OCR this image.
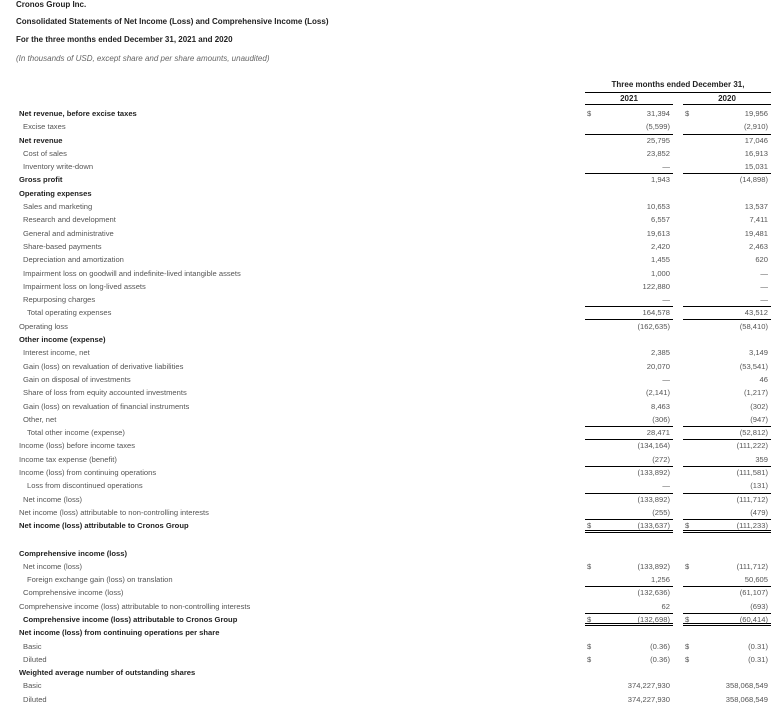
Cronos Group Inc.
Consolidated Statements of Net Income (Loss) and Comprehensive Income (Loss)
For the three months ended December 31, 2021 and 2020
(In thousands of USD, except share and per share amounts, unaudited)
Three months ended December 31,
2021	2020
Net revenue, before excise taxes	$	31,394 $	19,956
Excise taxes	(5,599)	(2,910)
Net revenue	25,795	17,046
Cost of sales	23,852	16,913
Inventory write-down	—	15,031
Gross profit	1,943	(14,898)
Operating expenses
Sales and marketing	10,653	13,537
Research and development	6,557	7,411
General and administrative	19,613	19,481
Share-based payments	2,420	2,463
Depreciation and amortization	1,455	620
Impairment loss on goodwill and indefinite-lived intangible assets	1,000	—
Impairment loss on long-lived assets	122,880	—
Repurposing charges	—	—
Total operating expenses	164,578	43,512
Operating loss	(162,635)	(58,410)
Other income (expense)
Interest income, net	2,385	3,149
Gain (loss) on revaluation of derivative liabilities	20,070	(53,541)
Gain on disposal of investments	—	46
Share of loss from equity accounted investments	(2,141)	(1,217)
Gain (loss) on revaluation of financial instruments	8,463	(302)
Other, net	(306)	(947)
Total other income (expense)	28,471	(52,812)
Income (loss) before income taxes	(134,164)	(111,222)
Income tax expense (benefit)	(272)	359
Income (loss) from continuing operations	(133,892)	(111,581)
Loss from discontinued operations	—	(131)
Net income (loss)	(133,892)	(111,712)
Net income (loss) attributable to non-controlling interests	(255)	(479)
Net income (loss) attributable to Cronos Group	$	(133,637) $	(111,233)
Comprehensive income (loss)
Net income (loss)	$	(133,892) $	(111,712)
Foreign exchange gain (loss) on translation	1,256	50,605
Comprehensive income (loss)	(132,636)	(61,107)
Comprehensive income (loss) attributable to non-controlling interests	62	(693)
Comprehensive income (loss) attributable to Cronos Group	$	(132,698) $	(60,414)
Net income (loss) from continuing operations per share
Basic	$	(0.36) $	(0.31)
Diluted	$	(0.36) $	(0.31)
Weighted average number of outstanding shares
Basic	374,227,930	358,068,549
Diluted	374,227,930	358,068,549
